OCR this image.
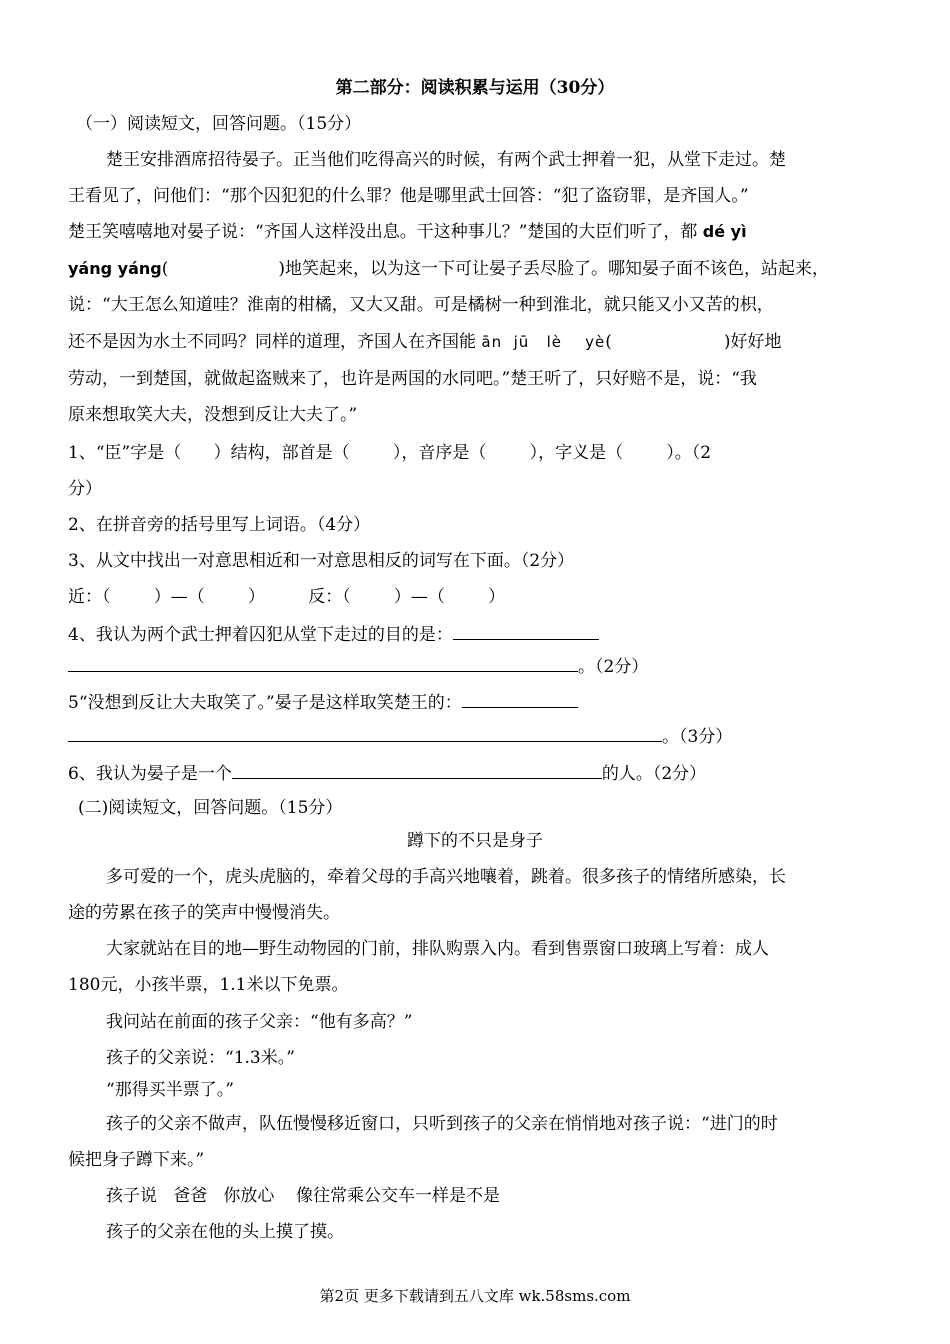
第二部分：阅读积累与运用（30分）
（一）阅读短文，回答问题。（15分）
楚王安排酒席招待晏子。正当他们吃得高兴的时候，有两个武士押着一犯，从堂下走过。楚
王看见了，问他们：“那个囚犯犯的什么罪？他是哪里武士回答：“犯了盗窃罪，是齐国人。”
楚王笑嘻嘻地对晏子说：“齐国人这样没出息。干这种事儿？”楚国的大臣们听了，都 dé yì
yáng yáng(	)地笑起来，以为这一下可让晏子丢尽脸了。哪知晏子面不该色，站起来，
说：“大王怎么知道哇？淮南的柑橘，又大又甜。可是橘树一种到淮北，就只能又小又苦的枳，
还不是因为水土不同吗？同样的道理，齐国人在齐国能 ān  jū   lè    yè(	)好好地
劳动，一到楚国，就做起盗贼来了，也许是两国的水同吧。”楚王听了，只好赔不是，说：“我
原来想取笑大夫，没想到反让大夫了。”
1、“臣”字是（      ）结构，部首是（        ），音序是（        ），字义是（        ）。（2
分）
2、在拼音旁的括号里写上词语。（4分）
3、从文中找出一对意思相近和一对意思相反的词写在下面。（2分）
近：（        ）—（        ）        反：（        ）—（        ）
4、我认为两个武士押着囚犯从堂下走过的目的是：
。（2分）
5“没想到反让大夫取笑了。”晏子是这样取笑楚王的：
。（3分）
6、我认为晏子是一个	的人。（2分）
(二)阅读短文，回答问题。（15分）
蹲下的不只是身子
多可爱的一个，虎头虎脑的，牵着父母的手高兴地嚷着，跳着。很多孩子的情绪所感染，长
途的劳累在孩子的笑声中慢慢消失。
大家就站在目的地—野生动物园的门前，排队购票入内。看到售票窗口玻璃上写着：成人
180元，小孩半票，1.1米以下免票。
我问站在前面的孩子父亲：“他有多高？”
孩子的父亲说：“1.3米。”
“那得买半票了。”
孩子的父亲不做声，队伍慢慢移近窗口，只听到孩子的父亲在悄悄地对孩子说：“进门的时
候把身子蹲下来。”
孩子说   爸爸   你放心    像往常乘公交车一样是不是
孩子的父亲在他的头上摸了摸。
第2页 更多下载请到五八文库 wk.58sms.com
